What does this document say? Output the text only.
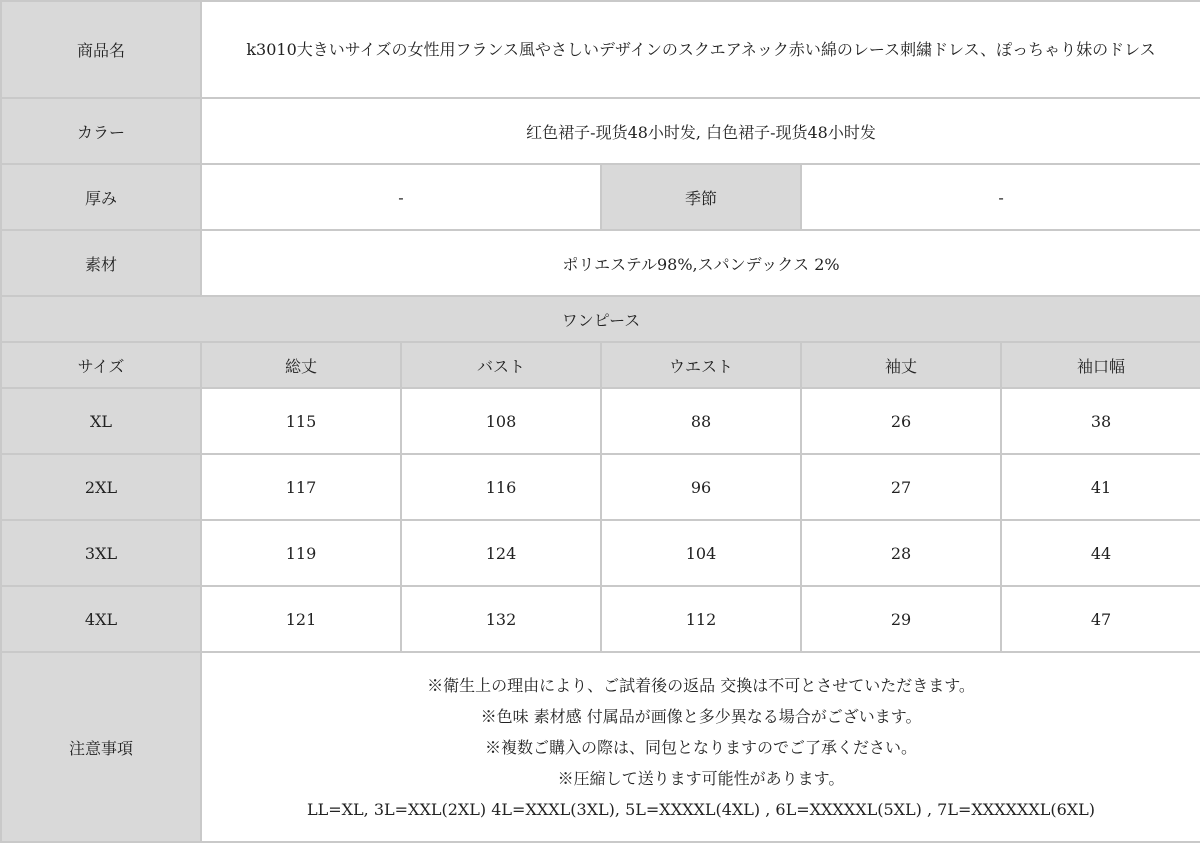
商品名	k3010大きいサイズの女性用フランス風やさしいデザインのスクエアネック赤い綿のレース刺繍ドレス、ぽっちゃり妹のドレス				

カラー	红色裙子-现货48小时发, 白色裙子-现货48小时发				
厚み	-		季節	-	
素材	ポリエステル98%,スパンデックス 2%				
ワンピース					
サイズ	総丈	バスト	ウエスト	袖丈	袖口幅
XL	115	108	88	26	38
2XL	117	116	96	27	41
3XL	119	124	104	28	44
4XL	121	132	112	29	47
注意事項	※衛生上の理由により、ご試着後の返品 交換は不可とさせていただきます。
※色味 素材感 付属品が画像と多少異なる場合がございます。
※複数ご購入の際は、同包となりますのでご了承ください。
※圧縮して送ります可能性があります。
LL=XL, 3L=XXL(2XL) 4L=XXXL(3XL), 5L=XXXXL(4XL) , 6L=XXXXXL(5XL) , 7L=XXXXXXL(6XL)				
